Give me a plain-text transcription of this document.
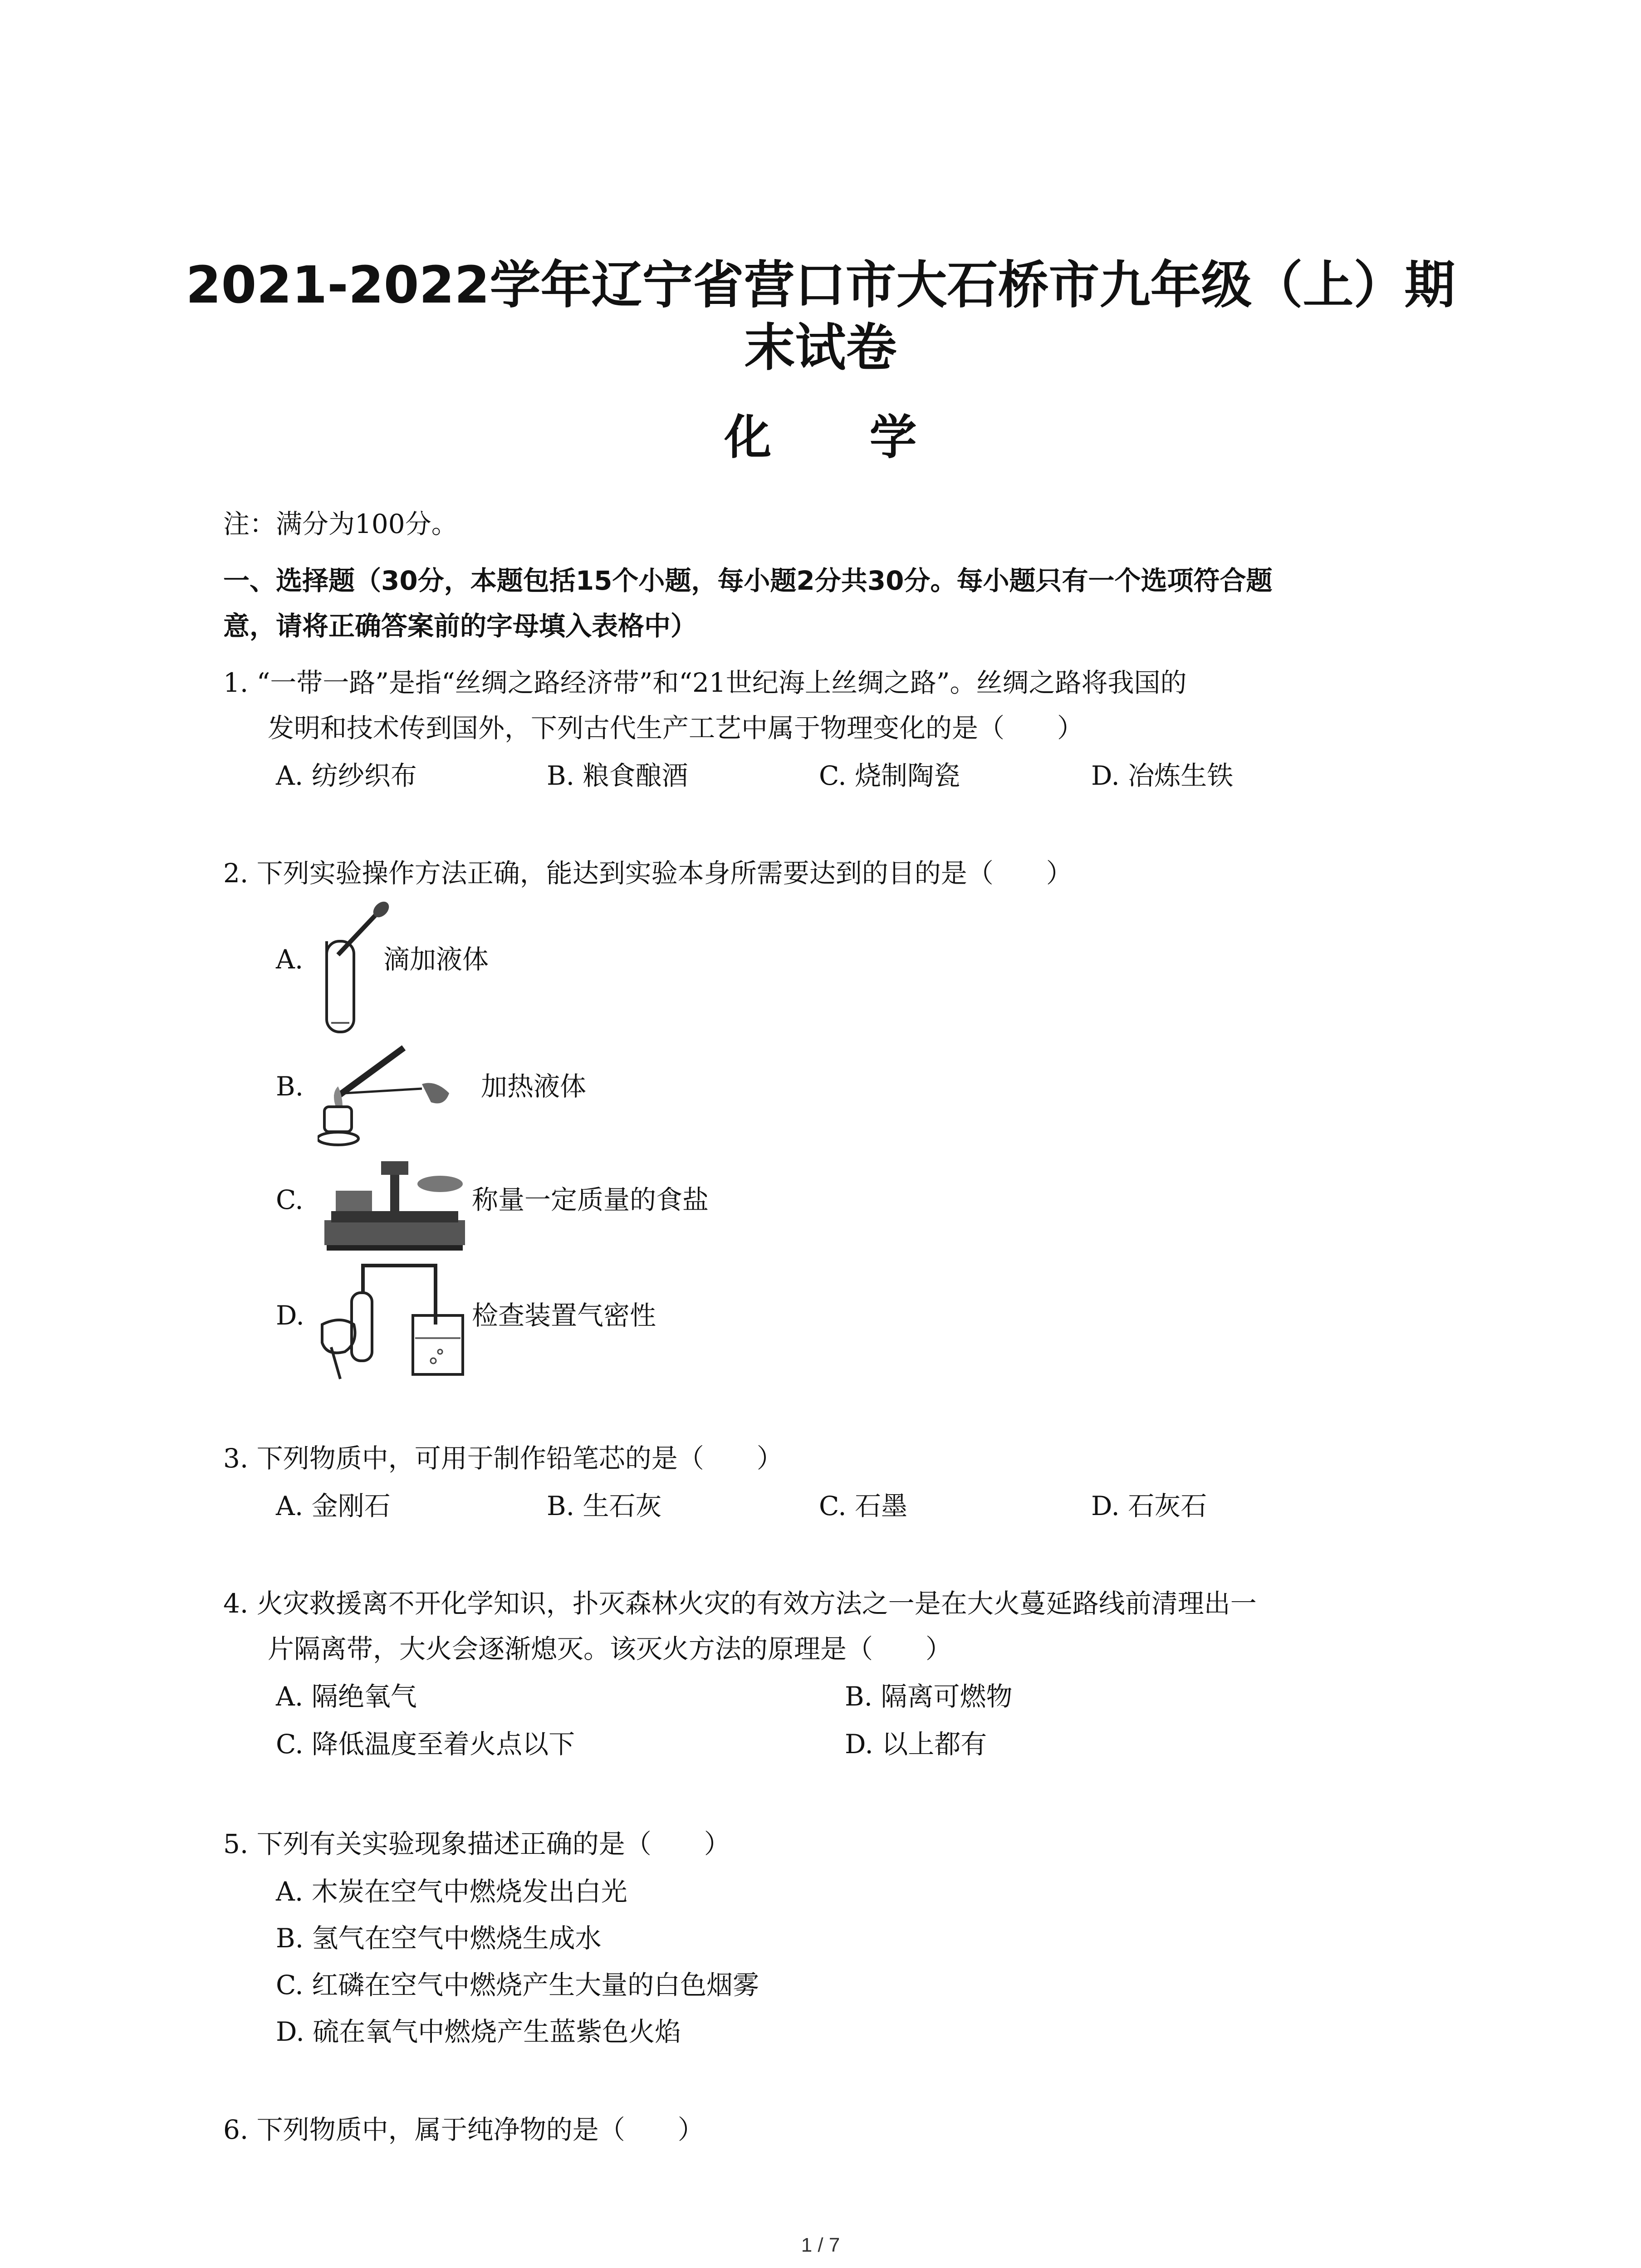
2021-2022学年辽宁省营口市大石桥市九年级（上）期
末试卷
化 学
注：满分为100分。
一、选择题（30分，本题包括15个小题，每小题2分共30分。每小题只有一个选项符合题
意，请将正确答案前的字母填入表格中）
1. “一带一路”是指“丝绸之路经济带”和“21世纪海上丝绸之路”。丝绸之路将我国的
发明和技术传到国外，下列古代生产工艺中属于物理变化的是（　　）
A. 纺纱织布	B. 粮食酿酒	C. 烧制陶瓷	D. 冶炼生铁
2. 下列实验操作方法正确，能达到实验本身所需要达到的目的是（　　）
A.	滴加液体
B.	加热液体
C.	称量一定质量的食盐
D.	检查装置气密性
3. 下列物质中，可用于制作铅笔芯的是（　　）
A. 金刚石	B. 生石灰	C. 石墨	D. 石灰石
4. 火灾救援离不开化学知识，扑灭森林火灾的有效方法之一是在大火蔓延路线前清理出一
片隔离带，大火会逐渐熄灭。该灭火方法的原理是（　　）
A. 隔绝氧气	B. 隔离可燃物
C. 降低温度至着火点以下	D. 以上都有
5. 下列有关实验现象描述正确的是（　　）
A. 木炭在空气中燃烧发出白光
B. 氢气在空气中燃烧生成水
C. 红磷在空气中燃烧产生大量的白色烟雾
D. 硫在氧气中燃烧产生蓝紫色火焰
6. 下列物质中，属于纯净物的是（　　）
1 / 7
